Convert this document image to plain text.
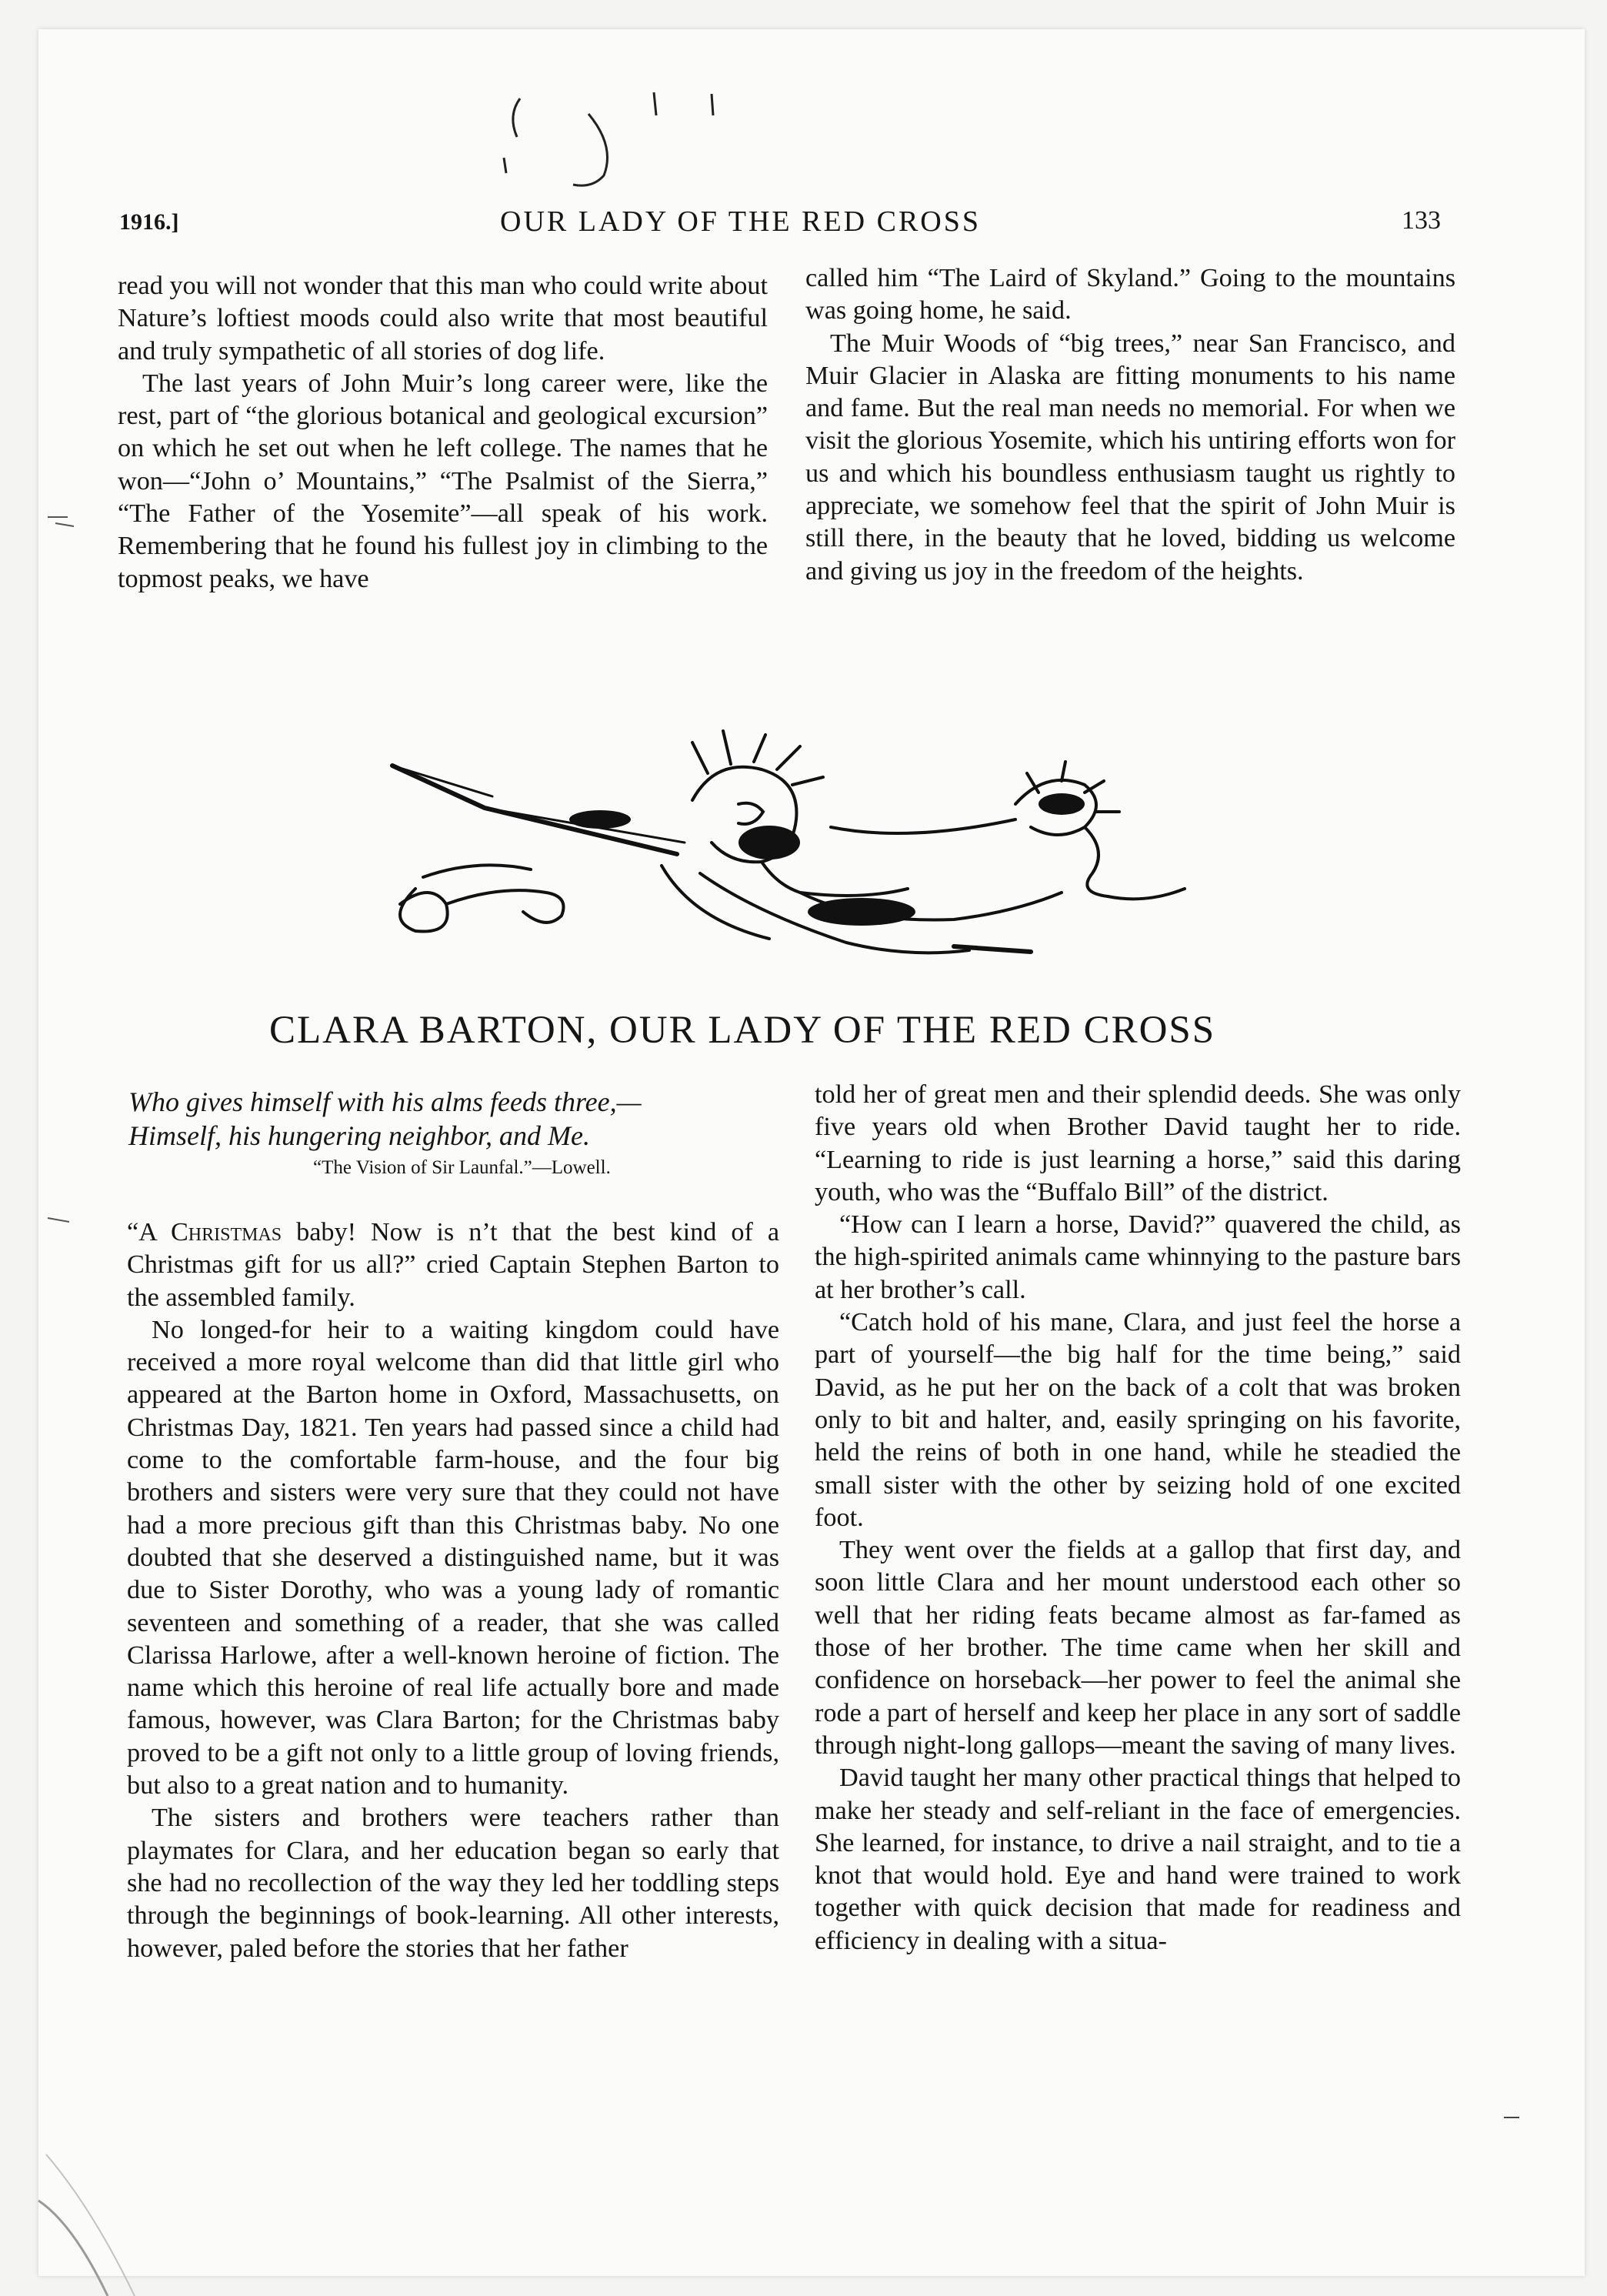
1916.]	OUR LADY OF THE RED CROSS	133

read you will not wonder that this man who could write about Nature’s loftiest moods could also write that most beautiful and truly sympathetic of all stories of dog life.

The last years of John Muir’s long career were, like the rest, part of “the glorious botanical and geological excursion” on which he set out when he left college. The names that he won—“John o’ Mountains,” “The Psalmist of the Sierra,” “The Father of the Yosemite”—all speak of his work. Remembering that he found his fullest joy in climbing to the topmost peaks, we have

called him “The Laird of Skyland.” Going to the mountains was going home, he said.

The Muir Woods of “big trees,” near San Francisco, and Muir Glacier in Alaska are fitting monuments to his name and fame. But the real man needs no memorial. For when we visit the glorious Yosemite, which his untiring efforts won for us and which his boundless enthusiasm taught us rightly to appreciate, we somehow feel that the spirit of John Muir is still there, in the beauty that he loved, bidding us welcome and giving us joy in the freedom of the heights.

CLARA BARTON, OUR LADY OF THE RED CROSS
Who gives himself with his alms feeds three,—
Himself, his hungering neighbor, and Me.
“The Vision of Sir Launfal.”—Lowell.

“A Christmas baby! Now is n’t that the best kind of a Christmas gift for us all?” cried Captain Stephen Barton to the assembled family.

No longed-for heir to a waiting kingdom could have received a more royal welcome than did that little girl who appeared at the Barton home in Oxford, Massachusetts, on Christmas Day, 1821. Ten years had passed since a child had come to the comfortable farm-house, and the four big brothers and sisters were very sure that they could not have had a more precious gift than this Christmas baby. No one doubted that she deserved a distinguished name, but it was due to Sister Dorothy, who was a young lady of romantic seventeen and something of a reader, that she was called Clarissa Harlowe, after a well-known heroine of fiction. The name which this heroine of real life actually bore and made famous, however, was Clara Barton; for the Christmas baby proved to be a gift not only to a little group of loving friends, but also to a great nation and to humanity.

The sisters and brothers were teachers rather than playmates for Clara, and her education began so early that she had no recollection of the way they led her toddling steps through the beginnings of book-learning. All other interests, however, paled before the stories that her father

told her of great men and their splendid deeds. She was only five years old when Brother David taught her to ride. “Learning to ride is just learning a horse,” said this daring youth, who was the “Buffalo Bill” of the district.

“How can I learn a horse, David?” quavered the child, as the high-spirited animals came whinnying to the pasture bars at her brother’s call.

“Catch hold of his mane, Clara, and just feel the horse a part of yourself—the big half for the time being,” said David, as he put her on the back of a colt that was broken only to bit and halter, and, easily springing on his favorite, held the reins of both in one hand, while he steadied the small sister with the other by seizing hold of one excited foot.

They went over the fields at a gallop that first day, and soon little Clara and her mount understood each other so well that her riding feats became almost as far-famed as those of her brother. The time came when her skill and confidence on horseback—her power to feel the animal she rode a part of herself and keep her place in any sort of saddle through night-long gallops—meant the saving of many lives.

David taught her many other practical things that helped to make her steady and self-reliant in the face of emergencies. She learned, for instance, to drive a nail straight, and to tie a knot that would hold. Eye and hand were trained to work together with quick decision that made for readiness and efficiency in dealing with a situa-
